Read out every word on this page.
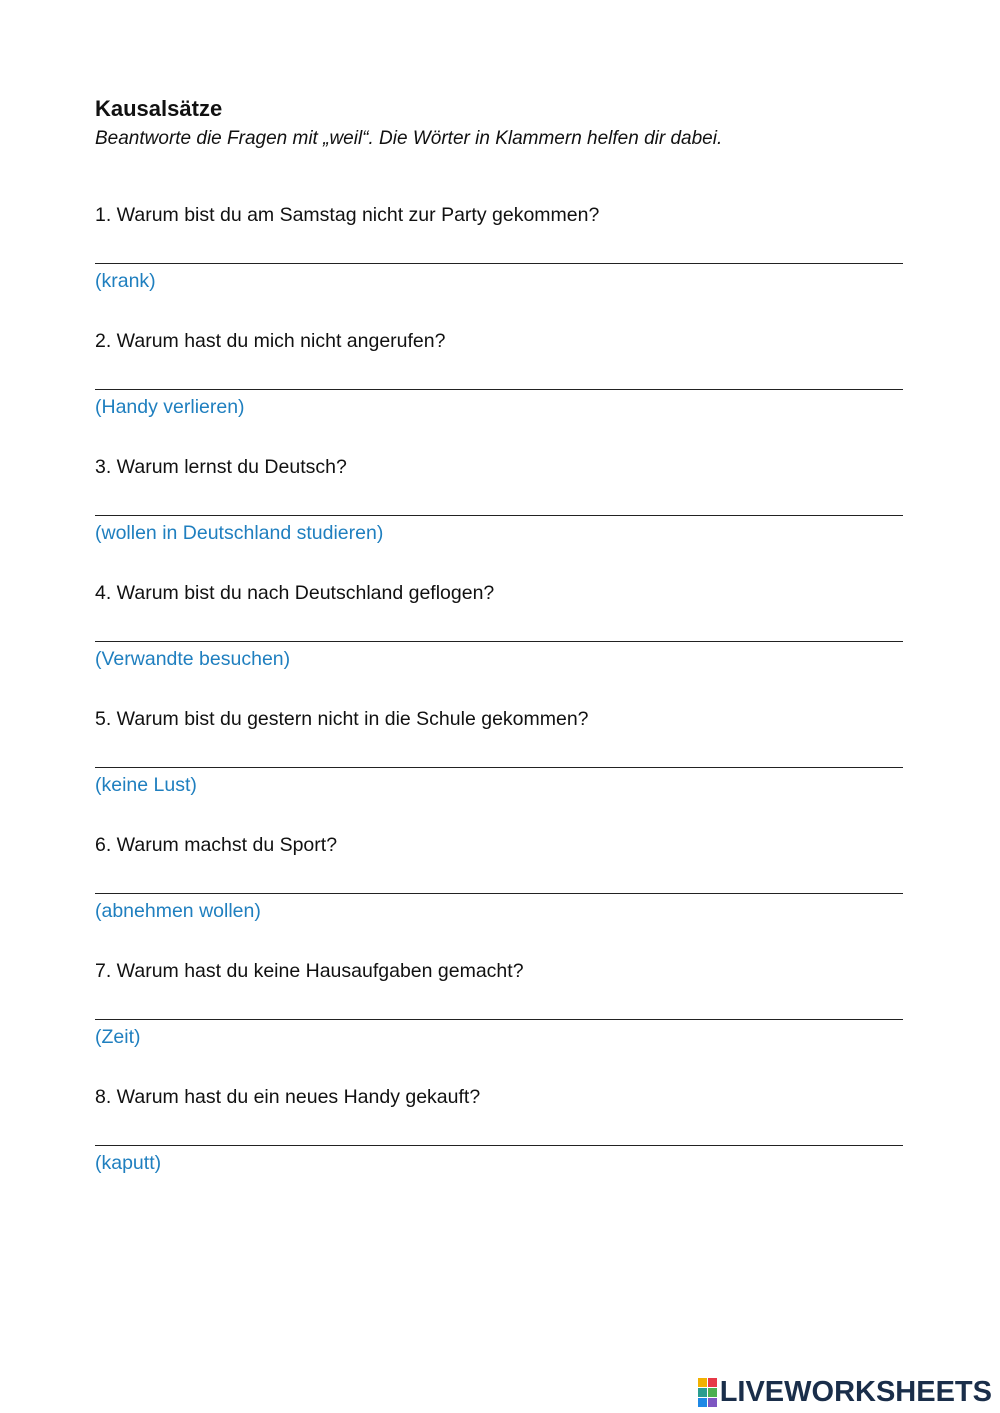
Kausalsätze

Beantworte die Fragen mit „weil“. Die Wörter in Klammern helfen dir dabei.

1. Warum bist du am Samstag nicht zur Party gekommen?
(krank)
2. Warum hast du mich nicht angerufen?
(Handy verlieren)
3. Warum lernst du Deutsch?
(wollen in Deutschland studieren)
4. Warum bist du nach Deutschland geflogen?
(Verwandte besuchen)
5. Warum bist du gestern nicht in die Schule gekommen?
(keine Lust)
6. Warum machst du Sport?
(abnehmen wollen)
7. Warum hast du keine Hausaufgaben gemacht?
(Zeit)
8. Warum hast du ein neues Handy gekauft?
(kaputt)
LIVEWORKSHEETS
